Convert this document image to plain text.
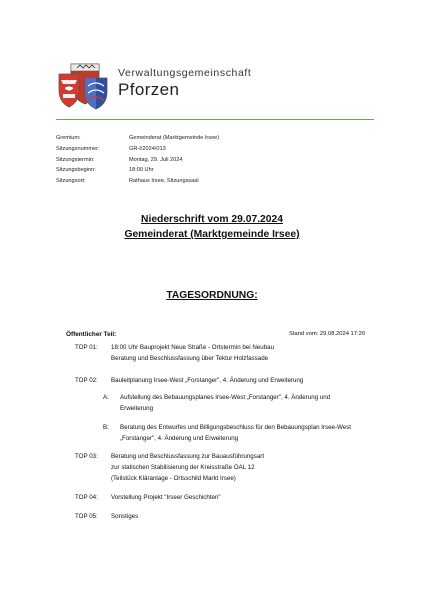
Verwaltungsgemeinschaft
Pforzen
Gremium:	Gemeinderat (Marktgemeinde Irsee)
Sitzungsnummer:	GR-I/2024/013
Sitzungstermin:	Montag, 29. Juli 2024
Sitzungsbeginn:	18:00 Uhr
Sitzungsort:	Rathaus Irsee, Sitzungssaal
Niederschrift vom 29.07.2024
Gemeinderat (Marktgemeinde Irsee)
TAGESORDNUNG:
Öffentlicher Teil:	Stand vom: 29.08.2024 17:20
TOP 01: 18:00 Uhr Bauprojekt Neue Straße - Ortstermin bei Neubau
Beratung und Beschlussfassung über Tektur Holzfassade
TOP 02: Bauleitplanung Irsee-West „Forstanger", 4. Änderung und Erweiterung
A: Aufstellung des Bebauungsplanes Irsee-West „Forstanger", 4. Änderung und
Erweiterung
B: Beratung des Entwurfes und Billigungsbeschluss für den Bebauungsplan Irsee-West
„Forstanger", 4. Änderung und Erweiterung
TOP 03: Beratung und Beschlussfassung zur Bauausführungsart
zur statischen Stabilisierung der Kreisstraße OAL 12
(Teilstück Kläranlage - Ortsschild Markt Irsee)
TOP 04: Vorstellung Projekt "Irseer Geschichten"
TOP 05: Sonstiges
